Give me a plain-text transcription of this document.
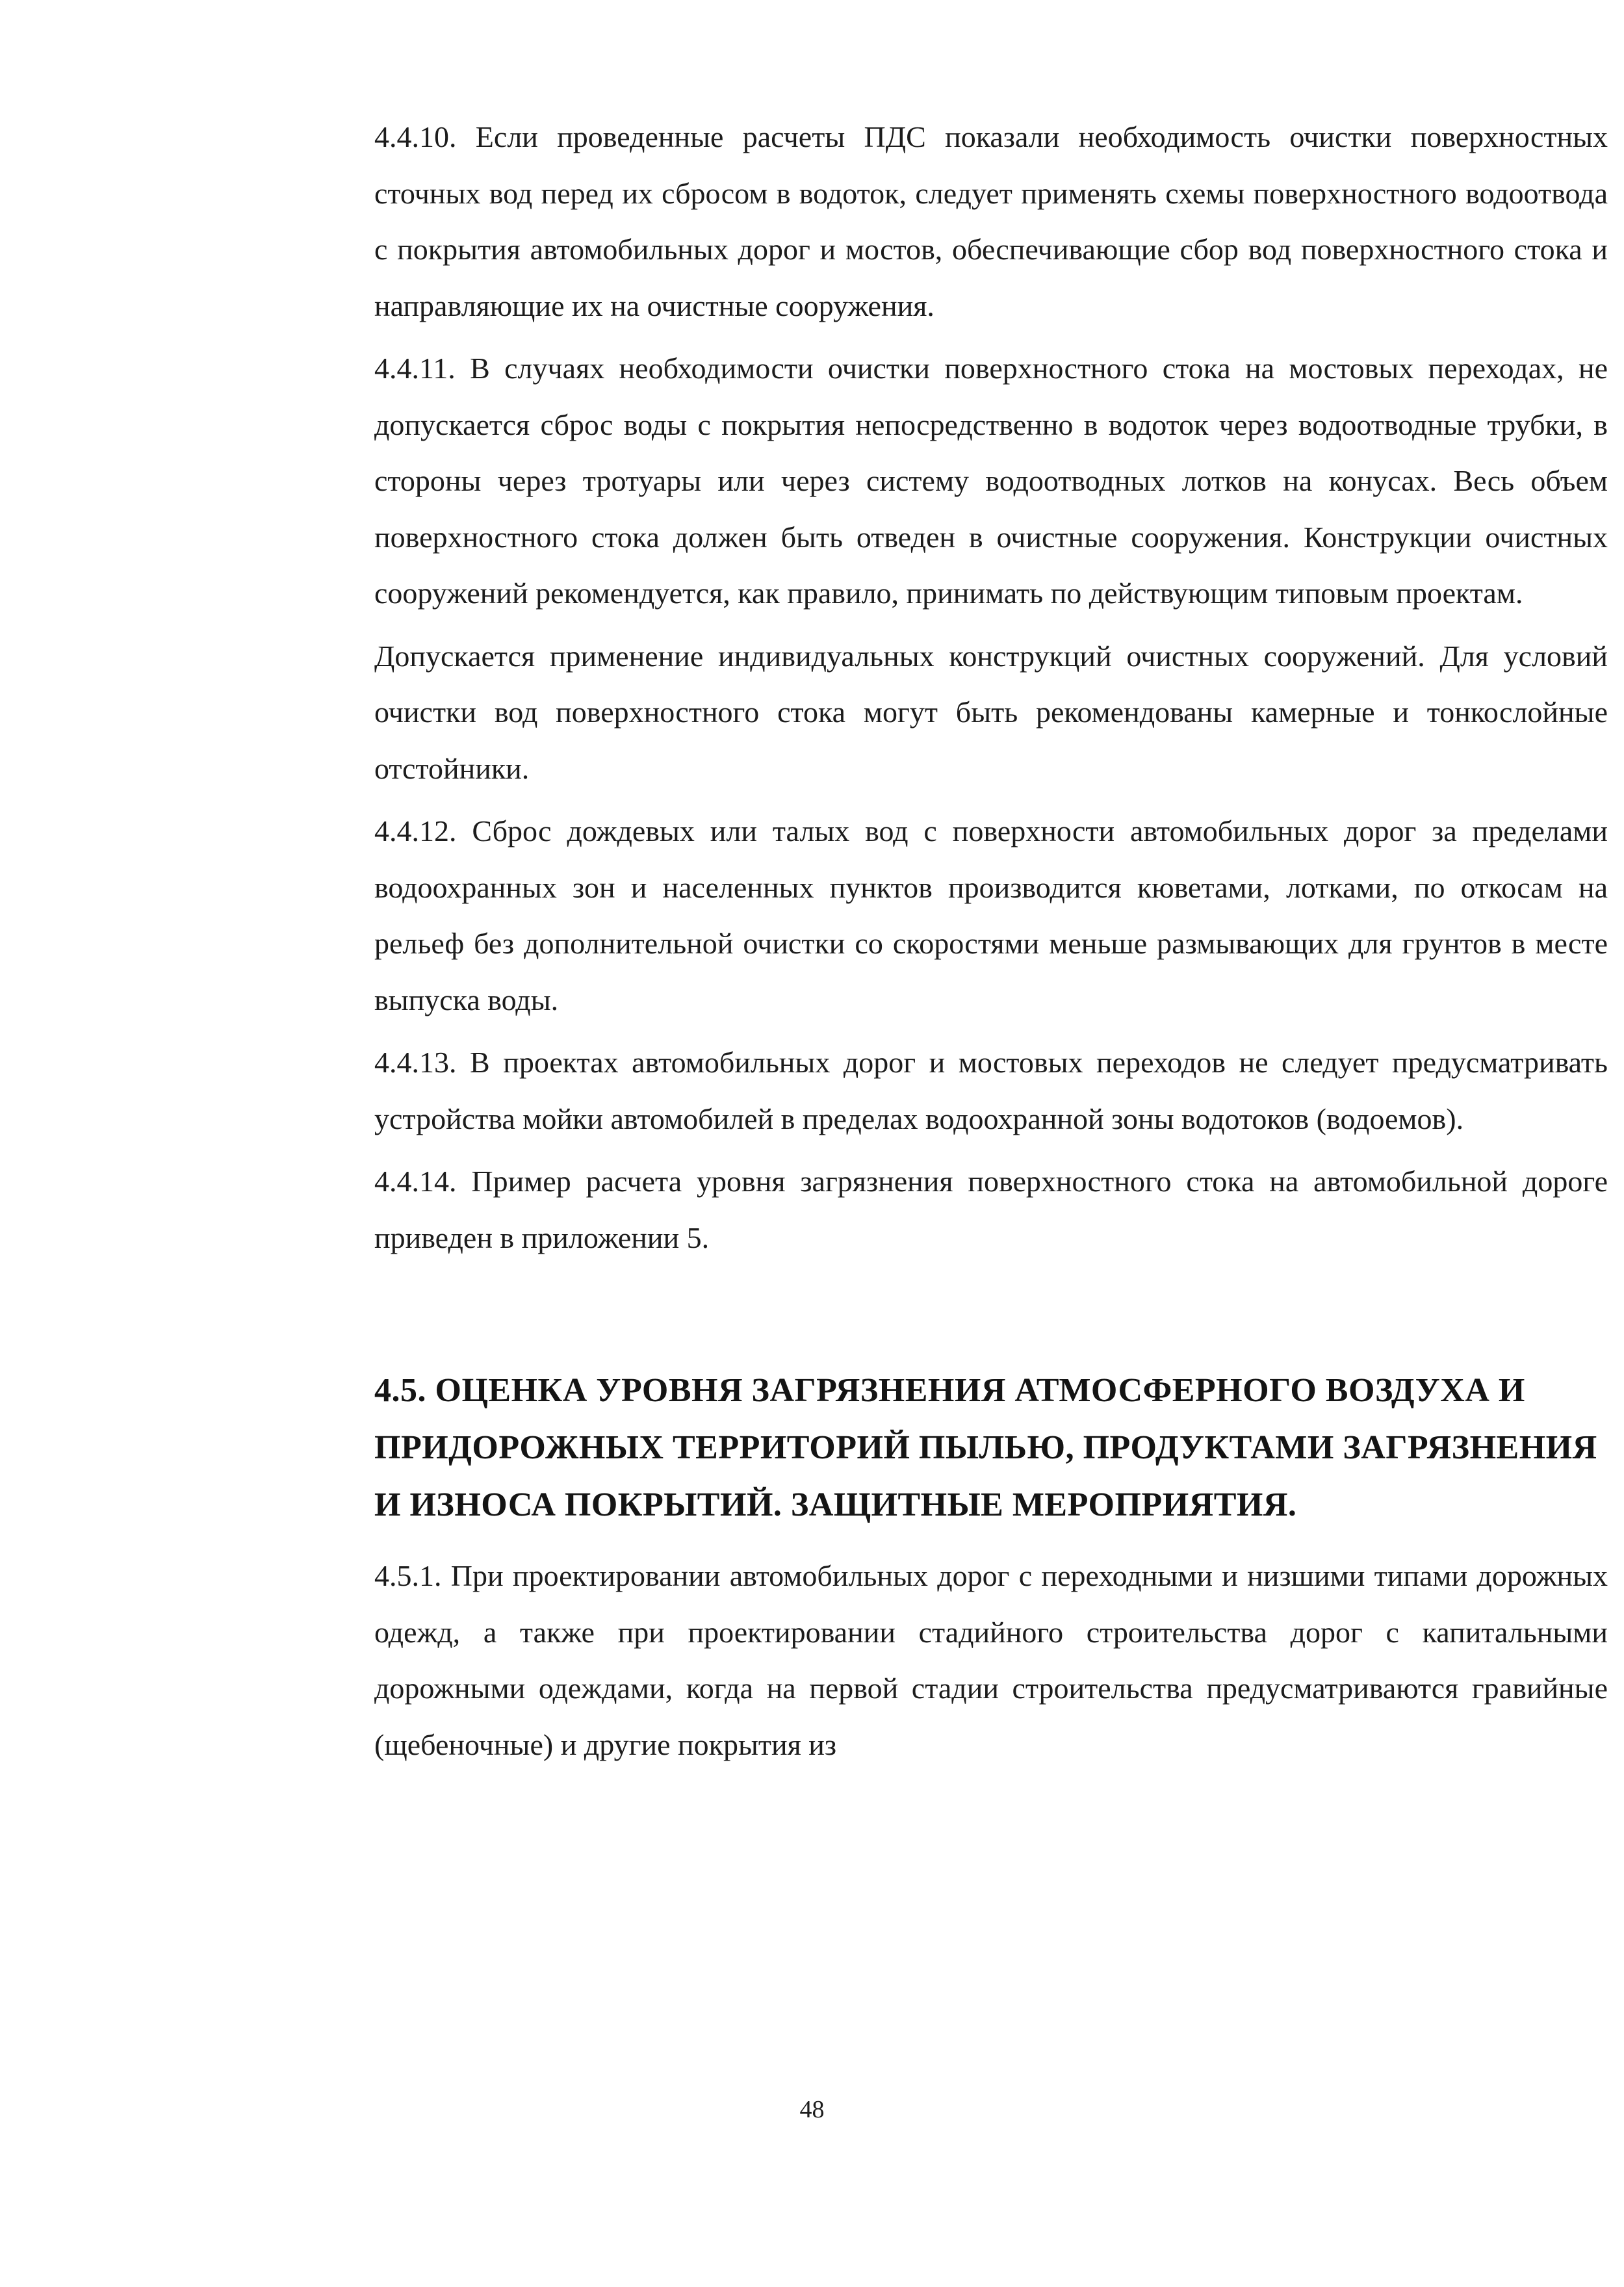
4.4.10. Если проведенные расчеты ПДС показали необходимость очистки поверхностных сточных вод перед их сбросом в водоток, следует применять схемы поверхностного водоотвода с покрытия автомобильных дорог и мостов, обеспечивающие сбор вод поверхностного стока и направляющие их на очистные сооружения.

4.4.11. В случаях необходимости очистки поверхностного стока на мостовых переходах, не допускается сброс воды с покрытия непосредственно в водоток через водоотводные трубки, в стороны через тротуары или через систему водоотводных лотков на конусах. Весь объем поверхностного стока должен быть отведен в очистные сооружения. Конструкции очистных сооружений рекомендуется, как правило, принимать по действующим типовым проектам.

Допускается применение индивидуальных конструкций очистных сооружений. Для условий очистки вод поверхностного стока могут быть рекомендованы камерные и тонкослойные отстойники.

4.4.12. Сброс дождевых или талых вод с поверхности автомобильных дорог за пределами водоохранных зон и населенных пунктов производится кюветами, лотками, по откосам на рельеф без дополнительной очистки со скоростями меньше размывающих для грунтов в месте выпуска воды.

4.4.13. В проектах автомобильных дорог и мостовых переходов не следует предусматривать устройства мойки автомобилей в пределах водоохранной зоны водотоков (водоемов).

4.4.14. Пример расчета уровня загрязнения поверхностного стока на автомобильной дороге приведен в приложении 5.

4.5. ОЦЕНКА УРОВНЯ ЗАГРЯЗНЕНИЯ АТМОСФЕРНОГО ВОЗДУХА И ПРИДОРОЖНЫХ ТЕРРИТОРИЙ ПЫЛЬЮ, ПРОДУКТАМИ ЗАГРЯЗНЕНИЯ И ИЗНОСА ПОКРЫТИЙ. ЗАЩИТНЫЕ МЕРОПРИЯТИЯ.

4.5.1. При проектировании автомобильных дорог с переходными и низшими типами дорожных одежд, а также при проектировании стадийного строительства дорог с капитальными дорожными одеждами, когда на первой стадии строительства предусматриваются гравийные (щебеночные) и другие покрытия из

48
